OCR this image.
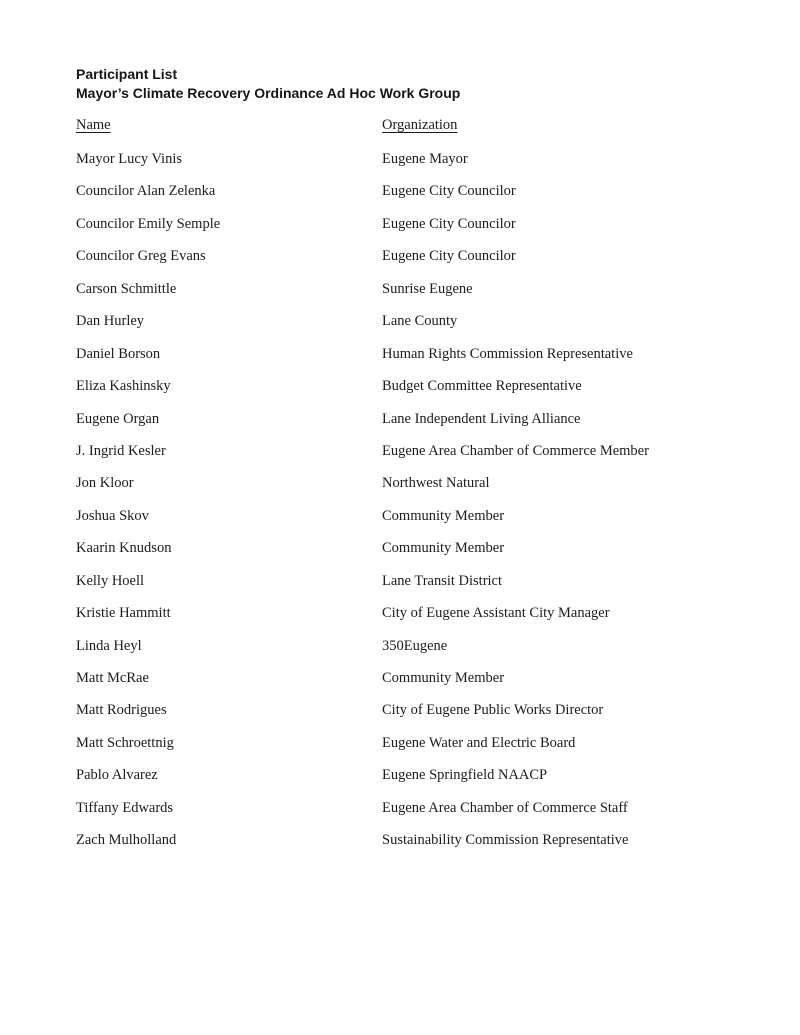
Participant List
Mayor’s Climate Recovery Ordinance Ad Hoc Work Group
Name	Organization
Mayor Lucy Vinis	Eugene Mayor
Councilor Alan Zelenka	Eugene City Councilor
Councilor Emily Semple	Eugene City Councilor
Councilor Greg Evans	Eugene City Councilor
Carson Schmittle	Sunrise Eugene
Dan Hurley	Lane County
Daniel Borson	Human Rights Commission Representative
Eliza Kashinsky	Budget Committee Representative
Eugene Organ	Lane Independent Living Alliance
J. Ingrid Kesler	Eugene Area Chamber of Commerce Member
Jon Kloor	Northwest Natural
Joshua Skov	Community Member
Kaarin Knudson	Community Member
Kelly Hoell	Lane Transit District
Kristie Hammitt	City of Eugene Assistant City Manager
Linda Heyl	350Eugene
Matt McRae	Community Member
Matt Rodrigues	City of Eugene Public Works Director
Matt Schroettnig	Eugene Water and Electric Board
Pablo Alvarez	Eugene Springfield NAACP
Tiffany Edwards	Eugene Area Chamber of Commerce Staff
Zach Mulholland	Sustainability Commission Representative
